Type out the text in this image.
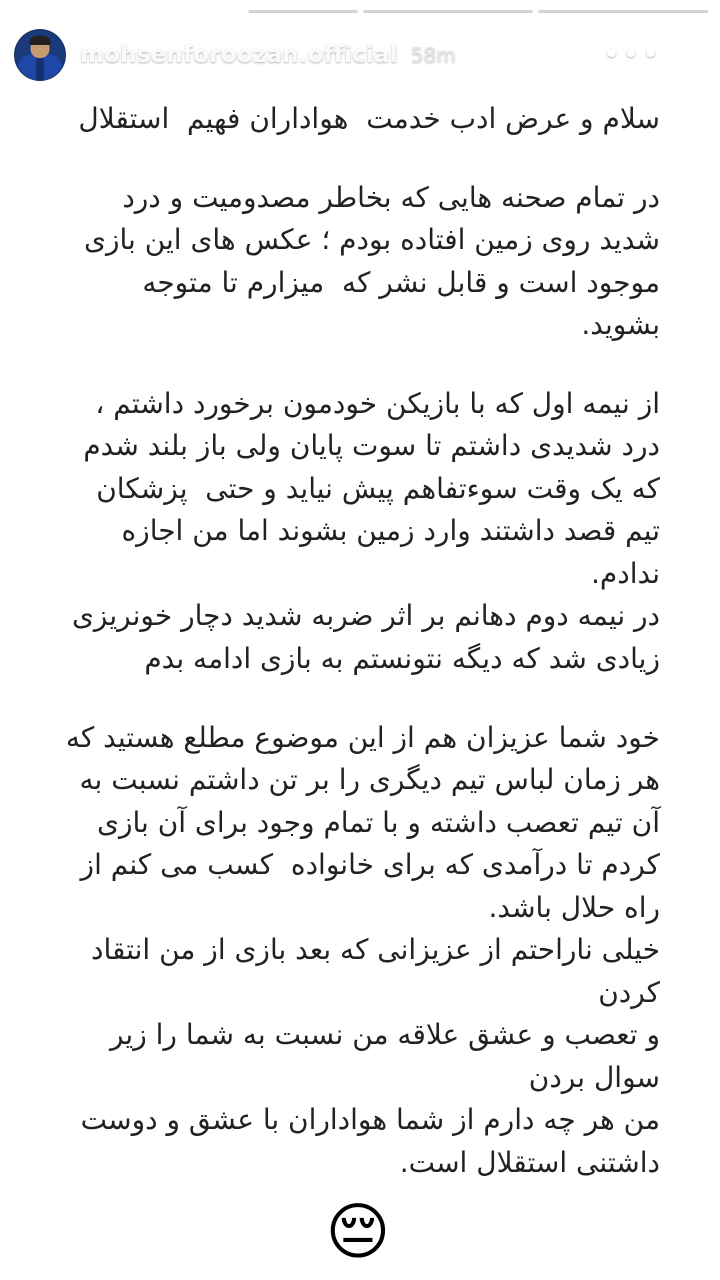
mohsenforoozan.official 58m	•••

سلام و عرض ادب خدمت  هواداران فهیم  استقلال

در تمام صحنه هایی که بخاطر مصدومیت و درد شدید روی زمین افتاده بودم ؛ عکس های این بازی موجود است و قابل نشر که  میزارم تا متوجه بشوید.

از نیمه اول که با بازیکن خودمون برخورد داشتم ، درد شدیدی داشتم تا سوت پایان ولی باز بلند شدم که یک وقت سوءتفاهم پیش نیاید و حتی  پزشکان تیم قصد داشتند وارد زمین بشوند اما من اجازه ندادم.

در نیمه دوم دهانم بر اثر ضربه شدید دچار خونریزی زیادی شد که دیگه نتونستم به بازی ادامه بدم

خود شما عزیزان هم از این موضوع مطلع هستید که هر زمان لباس تیم دیگری را بر تن داشتم نسبت به آن تیم تعصب داشته و با تمام وجود برای آن بازی کردم تا درآمدی که برای خانواده  کسب می کنم از راه حلال باشد.

خیلی ناراحتم از عزیزانی که بعد بازی از من انتقاد کردن

و تعصب و عشق علاقه من نسبت به شما را زیر سوال بردن

من هر چه دارم از شما هواداران با عشق و دوست داشتنی استقلال است.

😔
